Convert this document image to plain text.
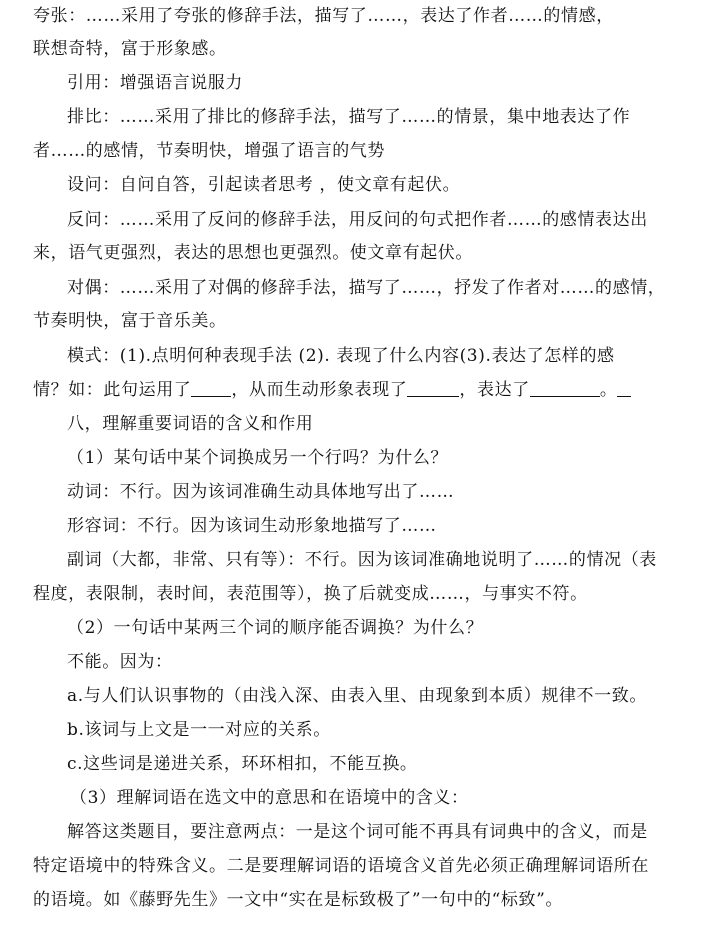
夸张：……采用了夸张的修辞手法，描写了……，表达了作者……的情感，
联想奇特，富于形象感。
引用：增强语言说服力
排比：……采用了排比的修辞手法，描写了……的情景，集中地表达了作
者……的感情，节奏明快，增强了语言的气势
设问：自问自答，引起读者思考 ，使文章有起伏。
反问：……采用了反问的修辞手法，用反问的句式把作者……的感情表达出
来，语气更强烈，表达的思想也更强烈。使文章有起伏。
对偶：……采用了对偶的修辞手法，描写了……，抒发了作者对……的感情，
节奏明快，富于音乐美。
模式：(1).点明何种表现手法 (2). 表现了什么内容(3).表达了怎样的感
情？如：此句运用了 ，从而生动形象表现了	，表达了	。
八，理解重要词语的含义和作用
（1）某句话中某个词换成另一个行吗？为什么？
动词：不行。因为该词准确生动具体地写出了……
形容词：不行。因为该词生动形象地描写了……
副词（大都，非常、只有等）：不行。因为该词准确地说明了……的情况（表
程度，表限制，表时间，表范围等），换了后就变成……，与事实不符。
（2）一句话中某两三个词的顺序能否调换？为什么？
不能。因为：
a.与人们认识事物的（由浅入深、由表入里、由现象到本质）规律不一致。
b.该词与上文是一一对应的关系。
c.这些词是递进关系，环环相扣，不能互换。
（3）理解词语在选文中的意思和在语境中的含义：
解答这类题目，要注意两点：一是这个词可能不再具有词典中的含义，而是
特定语境中的特殊含义。二是要理解词语的语境含义首先必须正确理解词语所在
的语境。如《藤野先生》一文中“实在是标致极了”一句中的“标致”。
